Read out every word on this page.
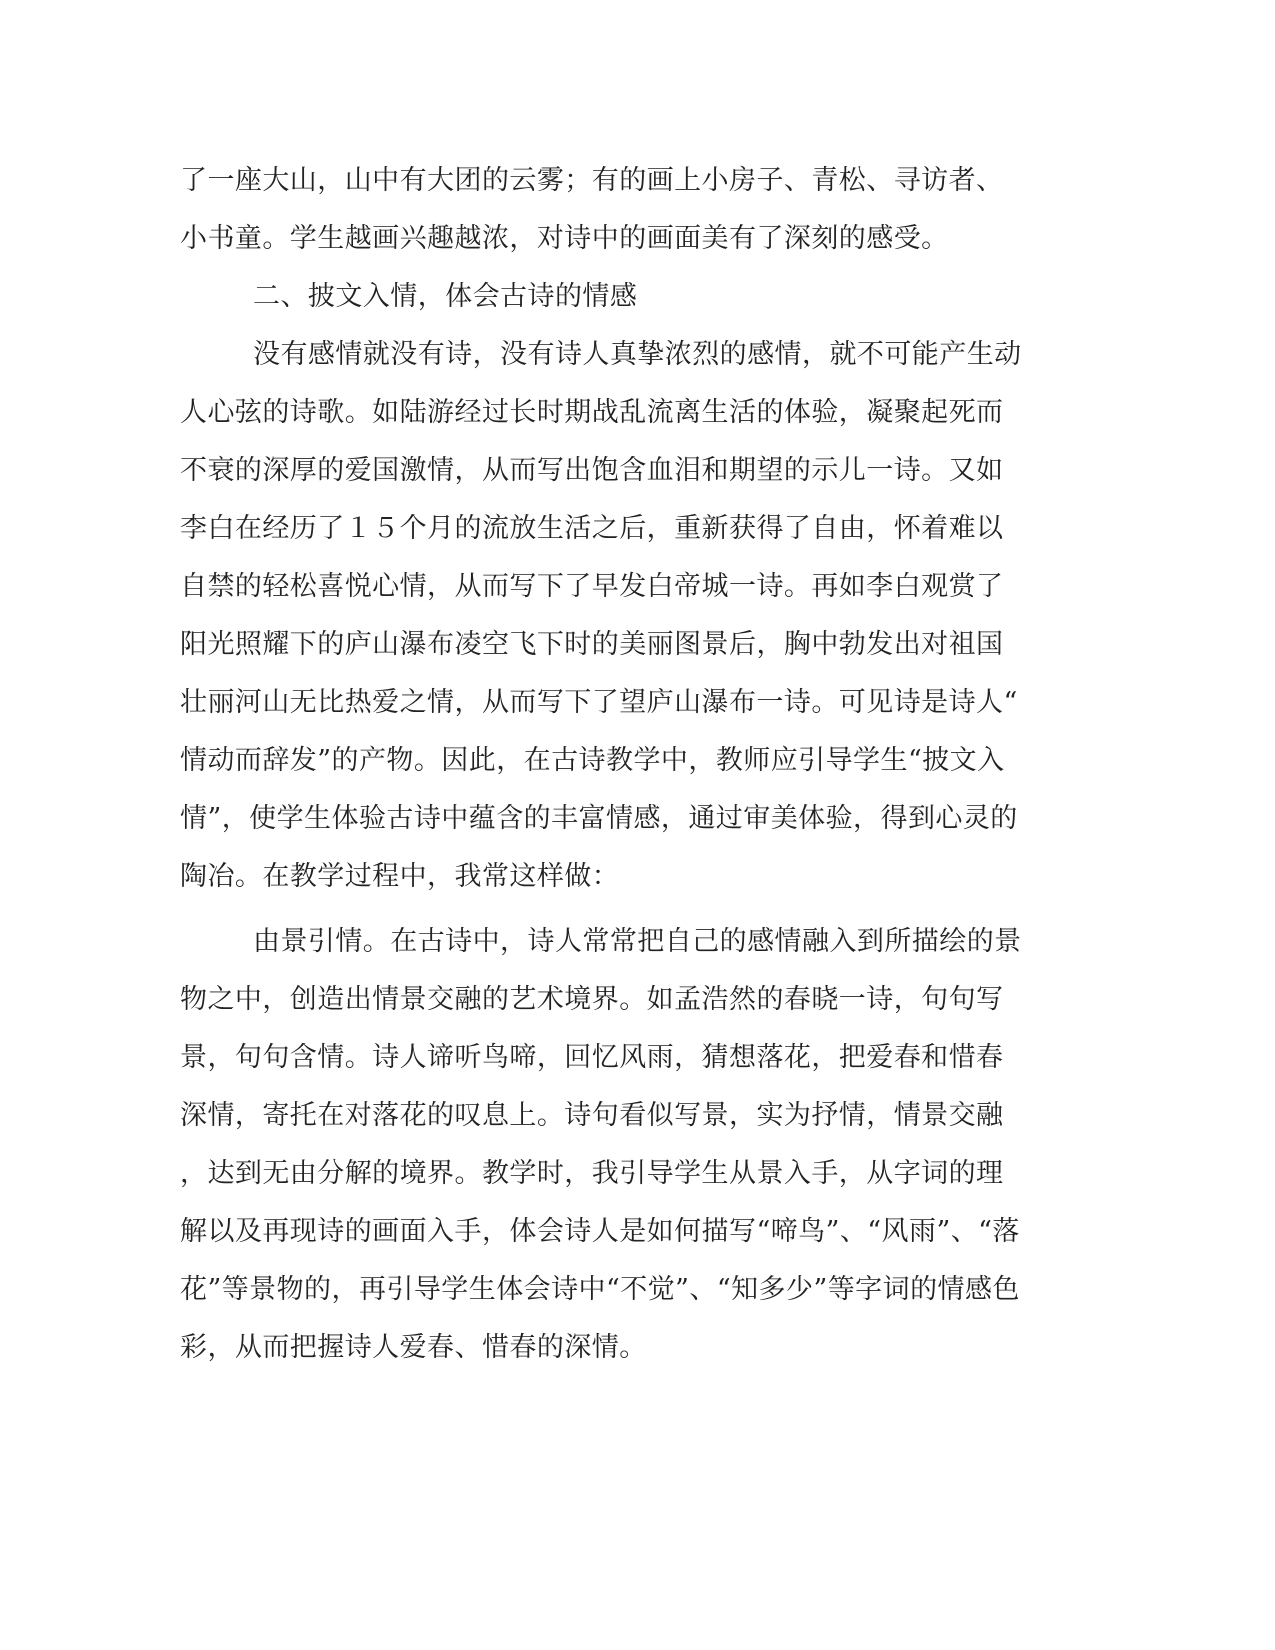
了一座大山，山中有大团的云雾；有的画上小房子、青松、寻访者、
小书童。学生越画兴趣越浓，对诗中的画面美有了深刻的感受。
二、披文入情，体会古诗的情感
没有感情就没有诗，没有诗人真挚浓烈的感情，就不可能产生动
人心弦的诗歌。如陆游经过长时期战乱流离生活的体验，凝聚起死而
不衰的深厚的爱国激情，从而写出饱含血泪和期望的示儿一诗。又如
李白在经历了１５个月的流放生活之后，重新获得了自由，怀着难以
自禁的轻松喜悦心情，从而写下了早发白帝城一诗。再如李白观赏了
阳光照耀下的庐山瀑布凌空飞下时的美丽图景后，胸中勃发出对祖国
壮丽河山无比热爱之情，从而写下了望庐山瀑布一诗。可见诗是诗人“
情动而辞发”的产物。因此，在古诗教学中，教师应引导学生“披文入
情”，使学生体验古诗中蕴含的丰富情感，通过审美体验，得到心灵的
陶冶。在教学过程中，我常这样做：
由景引情。在古诗中，诗人常常把自己的感情融入到所描绘的景
物之中，创造出情景交融的艺术境界。如孟浩然的春晓一诗，句句写
景，句句含情。诗人谛听鸟啼，回忆风雨，猜想落花，把爱春和惜春
深情，寄托在对落花的叹息上。诗句看似写景，实为抒情，情景交融
，达到无由分解的境界。教学时，我引导学生从景入手，从字词的理
解以及再现诗的画面入手，体会诗人是如何描写“啼鸟”、“风雨”、“落
花”等景物的，再引导学生体会诗中“不觉”、“知多少”等字词的情感色
彩，从而把握诗人爱春、惜春的深情。
